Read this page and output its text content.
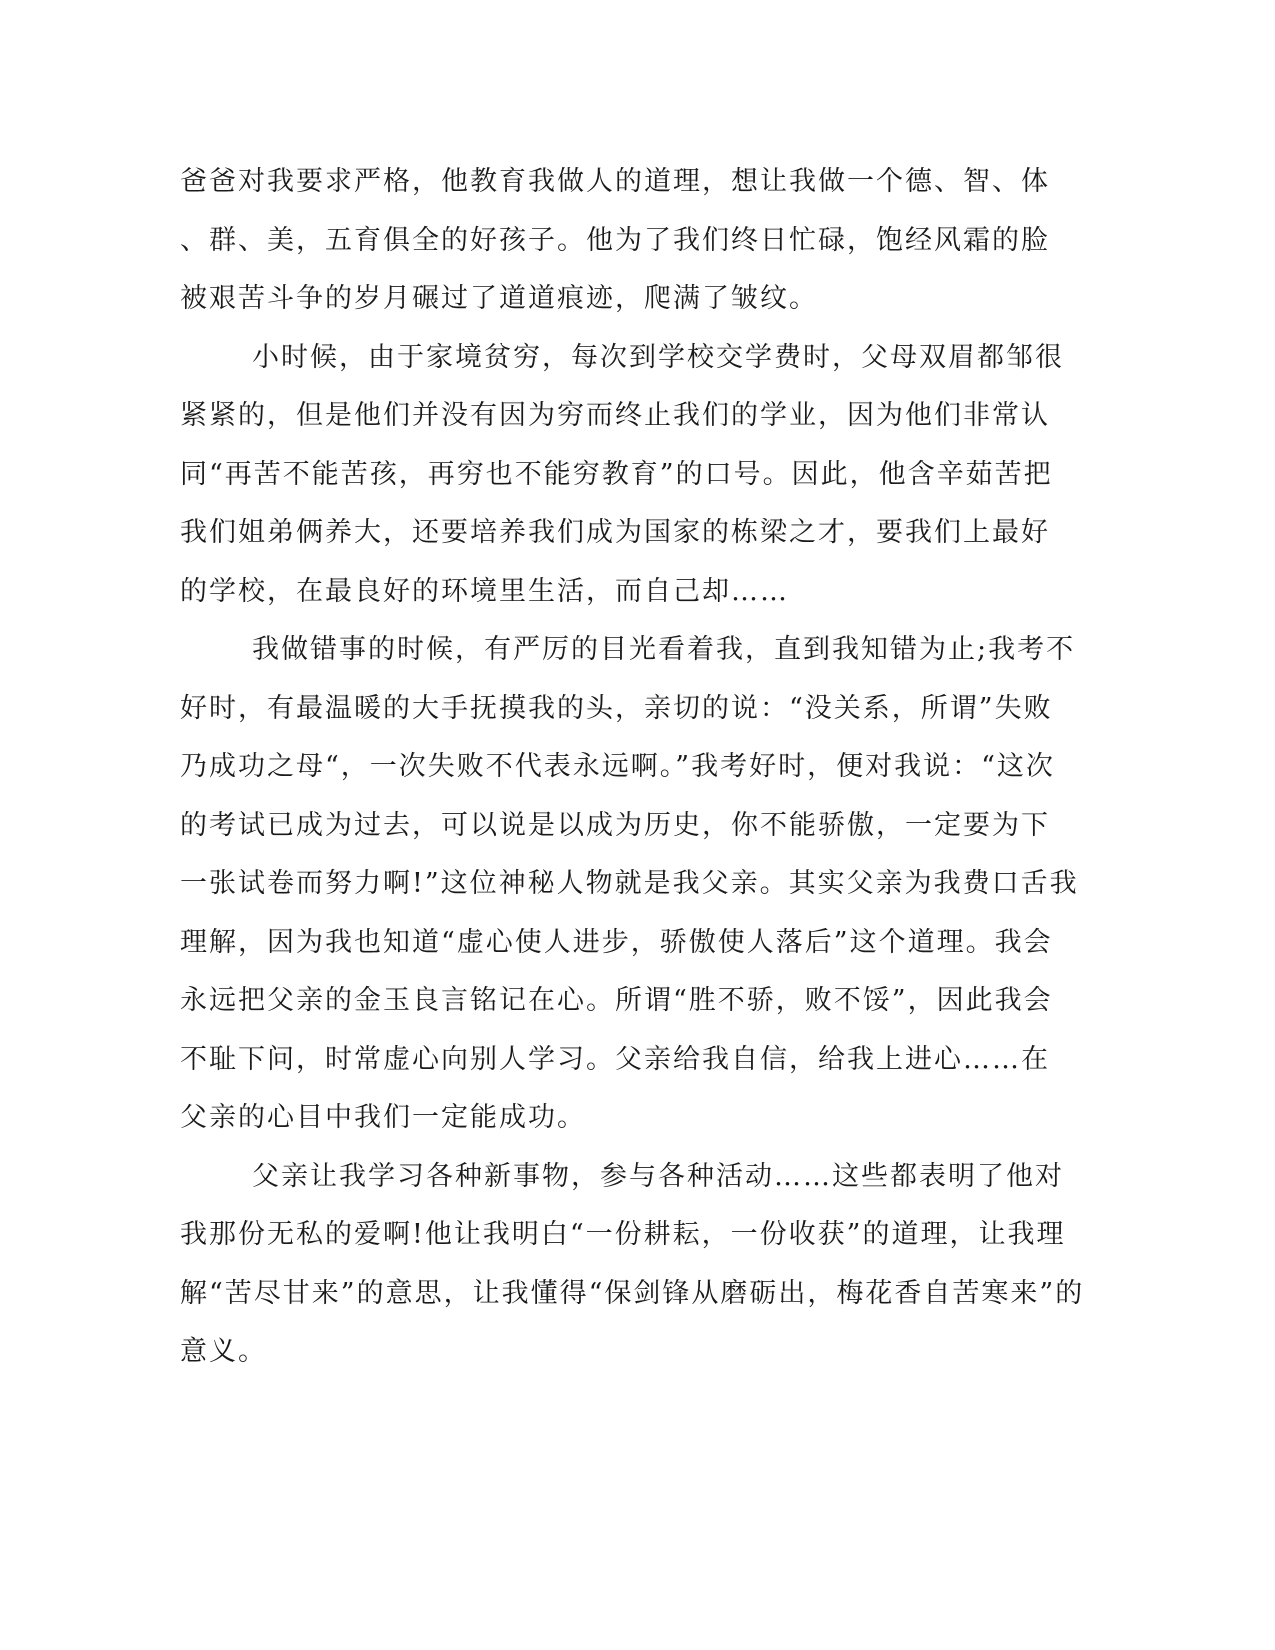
爸爸对我要求严格，他教育我做人的道理，想让我做一个德、智、体
、群、美，五育俱全的好孩子。他为了我们终日忙碌，饱经风霜的脸
被艰苦斗争的岁月碾过了道道痕迹，爬满了皱纹。
小时候，由于家境贫穷，每次到学校交学费时，父母双眉都邹很
紧紧的，但是他们并没有因为穷而终止我们的学业，因为他们非常认
同“再苦不能苦孩，再穷也不能穷教育”的口号。因此，他含辛茹苦把
我们姐弟俩养大，还要培养我们成为国家的栋梁之才，要我们上最好
的学校，在最良好的环境里生活，而自己却……
我做错事的时候，有严厉的目光看着我，直到我知错为止;我考不
好时，有最温暖的大手抚摸我的头，亲切的说：“没关系，所谓”失败
乃成功之母“，一次失败不代表永远啊。”我考好时，便对我说：“这次
的考试已成为过去，可以说是以成为历史，你不能骄傲，一定要为下
一张试卷而努力啊!”这位神秘人物就是我父亲。其实父亲为我费口舌我
理解，因为我也知道“虚心使人进步，骄傲使人落后”这个道理。我会
永远把父亲的金玉良言铭记在心。所谓“胜不骄，败不馁”，因此我会
不耻下问，时常虚心向别人学习。父亲给我自信，给我上进心……在
父亲的心目中我们一定能成功。
父亲让我学习各种新事物，参与各种活动……这些都表明了他对
我那份无私的爱啊!他让我明白“一份耕耘，一份收获”的道理，让我理
解“苦尽甘来”的意思，让我懂得“保剑锋从磨砺出，梅花香自苦寒来”的
意义。
